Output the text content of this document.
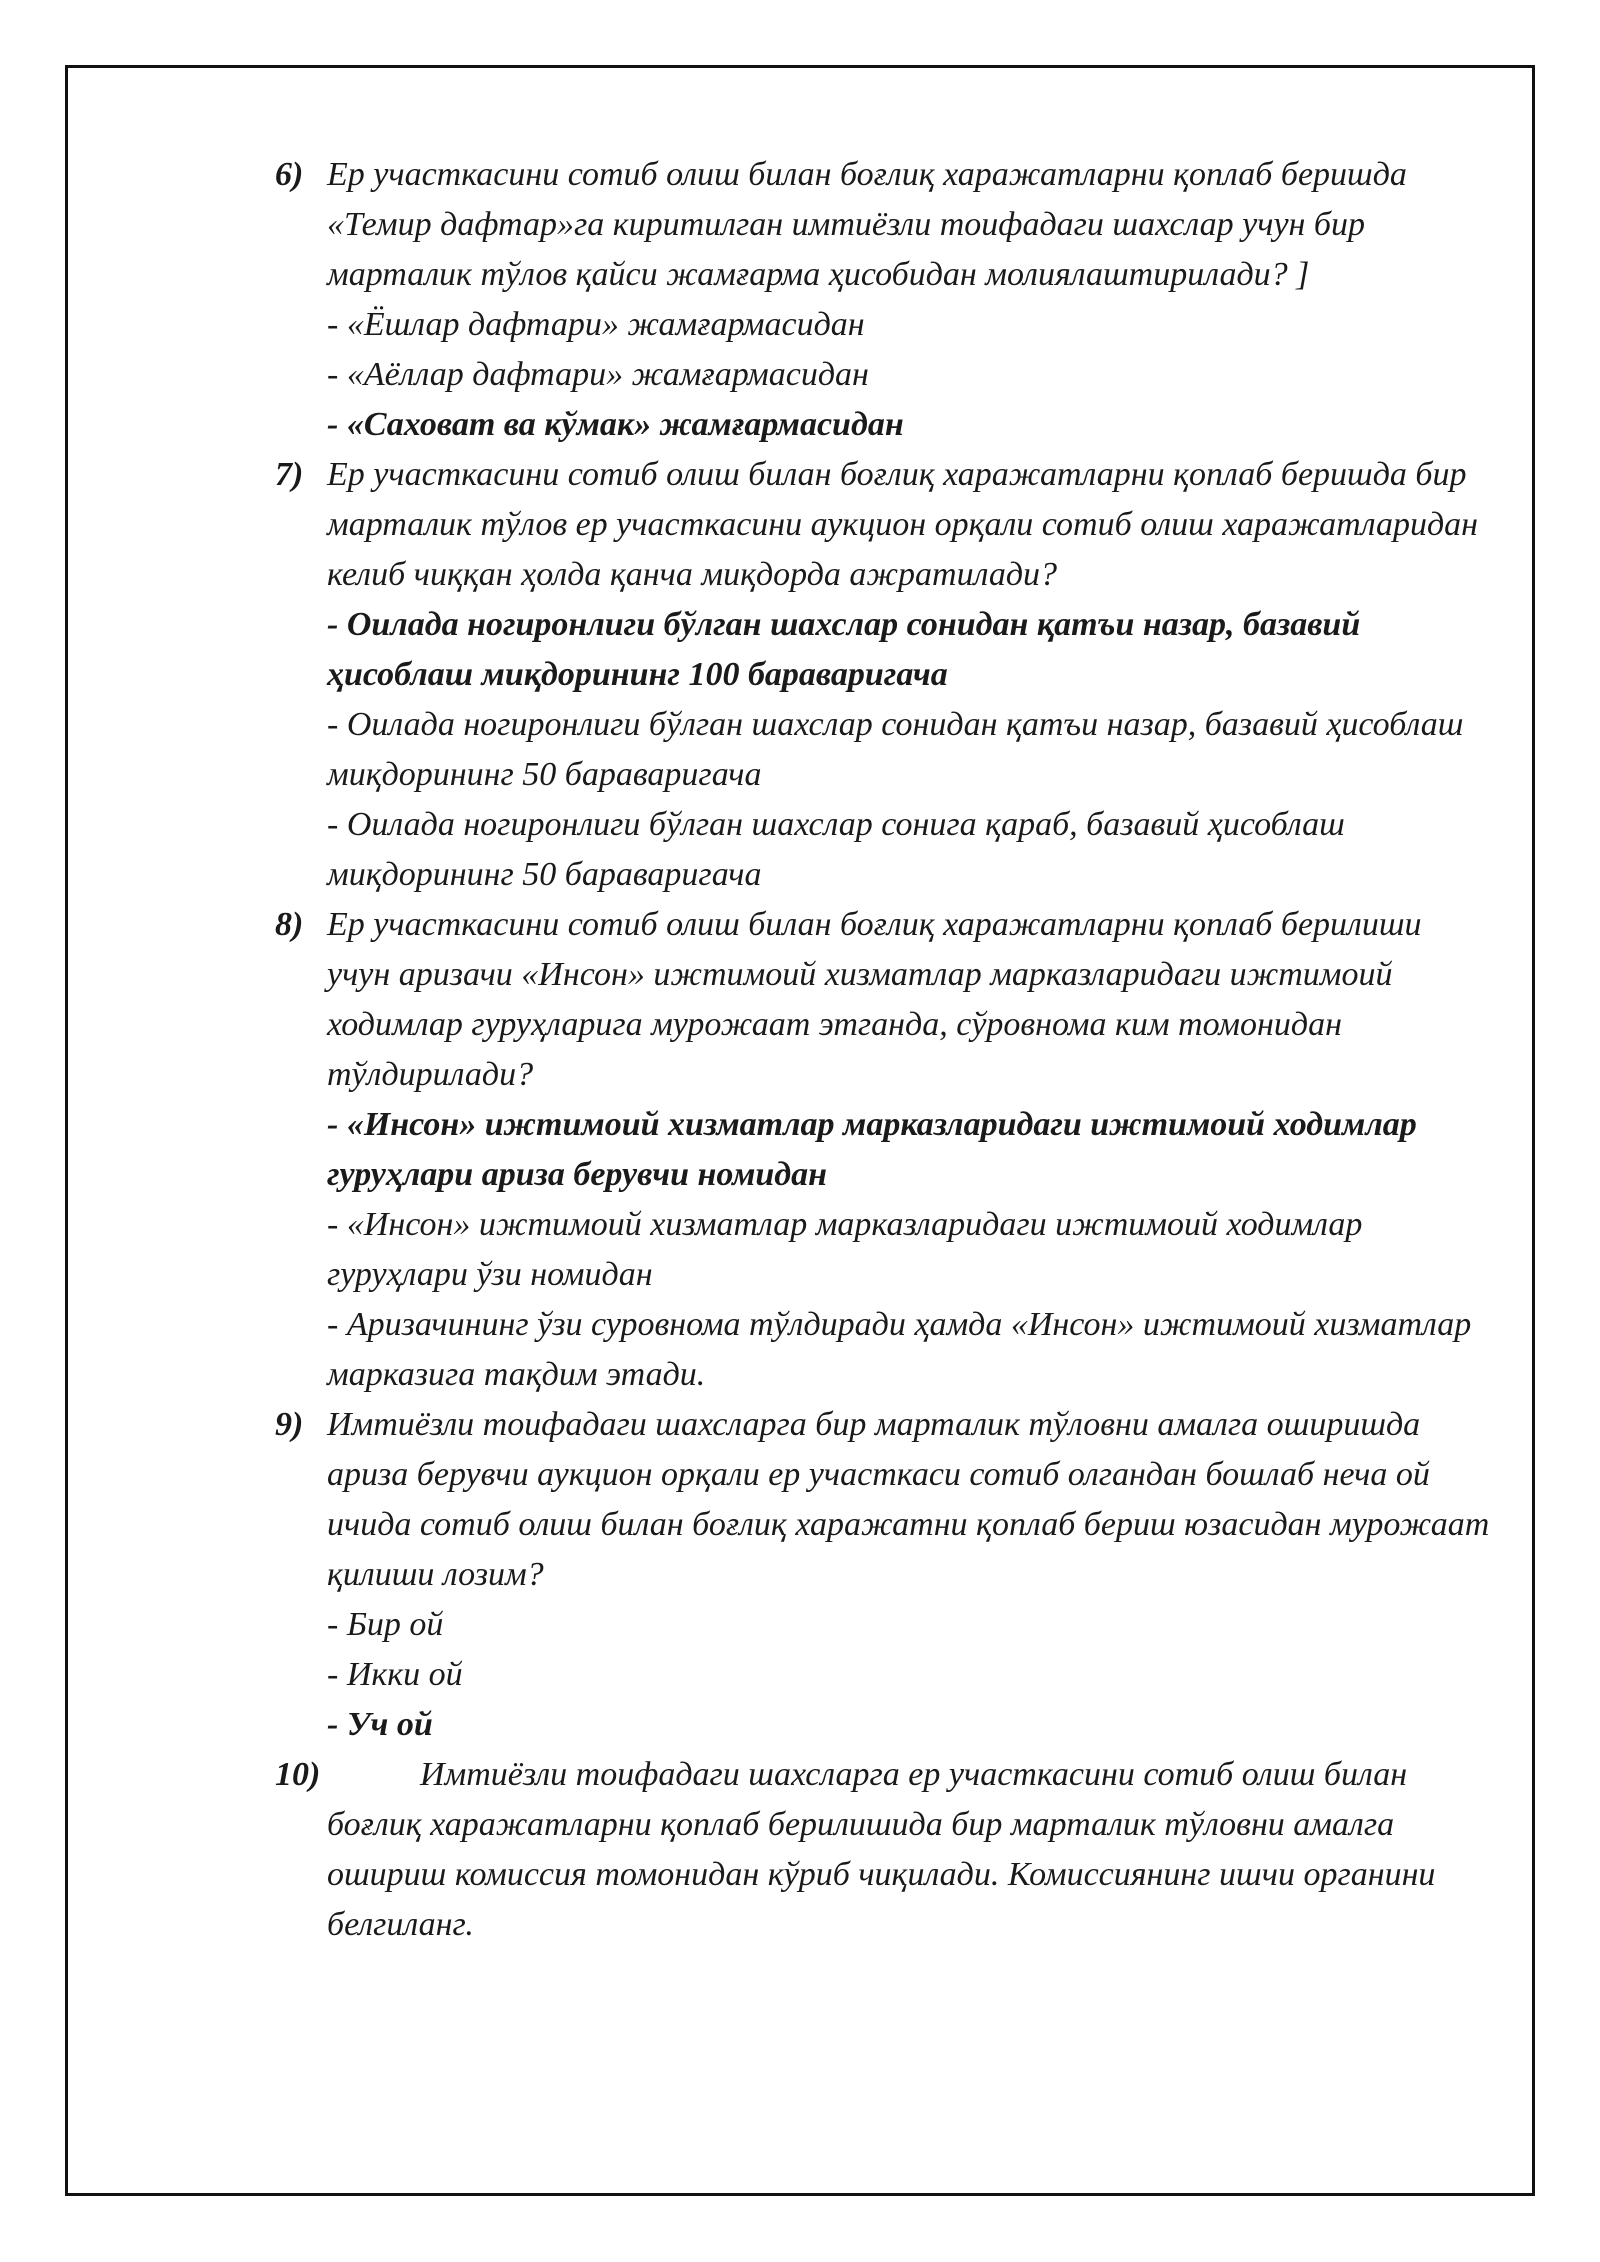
6) Ер участкасини сотиб олиш билан боғлиқ харажатларни қоплаб беришда «Темир дафтар»га киритилган имтиёзли тоифадаги шахслар учун бир марталик тўлов қайси жамғарма ҳисобидан молиялаштирилади? ]
- «Ёшлар дафтари» жамғармасидан
- «Аёллар дафтари» жамғармасидан
- «Саховат ва кўмак» жамғармасидан
7) Ер участкасини сотиб олиш билан боғлиқ харажатларни қоплаб беришда бир марталик тўлов ер участкасини аукцион орқали сотиб олиш харажатларидан келиб чиққан ҳолда қанча миқдорда ажратилади?
- Оилада ногиронлиги бўлган шахслар сонидан қатъи назар, базавий ҳисоблаш миқдорининг 100 бараваригача
- Оилада ногиронлиги бўлган шахслар сонидан қатъи назар, базавий ҳисоблаш миқдорининг 50 бараваригача
- Оилада ногиронлиги бўлган шахслар сонига қараб, базавий ҳисоблаш миқдорининг 50 бараваригача
8) Ер участкасини сотиб олиш билан боғлиқ харажатларни қоплаб берилиши учун аризачи «Инсон» ижтимоий хизматлар марказларидаги ижтимоий ходимлар гуруҳларига мурожаат этганда, сўровнома ким томонидан тўлдирилади?
- «Инсон» ижтимоий хизматлар марказларидаги ижтимоий ходимлар гуруҳлари ариза берувчи номидан
- «Инсон» ижтимоий хизматлар марказларидаги ижтимоий ходимлар гуруҳлари ўзи номидан
- Аризачининг ўзи суровнома тўлдиради ҳамда «Инсон» ижтимоий хизматлар марказига тақдим этади.
9) Имтиёзли тоифадаги шахсларга бир марталик тўловни амалга оширишда ариза берувчи аукцион орқали ер участкаси сотиб олгандан бошлаб неча ой ичида сотиб олиш билан боғлиқ харажатни қоплаб бериш юзасидан мурожаат қилиши лозим?
- Бир ой
- Икки ой
- Уч ой
10)	Имтиёзли тоифадаги шахсларга ер участкасини сотиб олиш билан боғлиқ харажатларни қоплаб берилишида бир марталик тўловни амалга ошириш комиссия томонидан кўриб чиқилади. Комиссиянинг ишчи органини белгиланг.
